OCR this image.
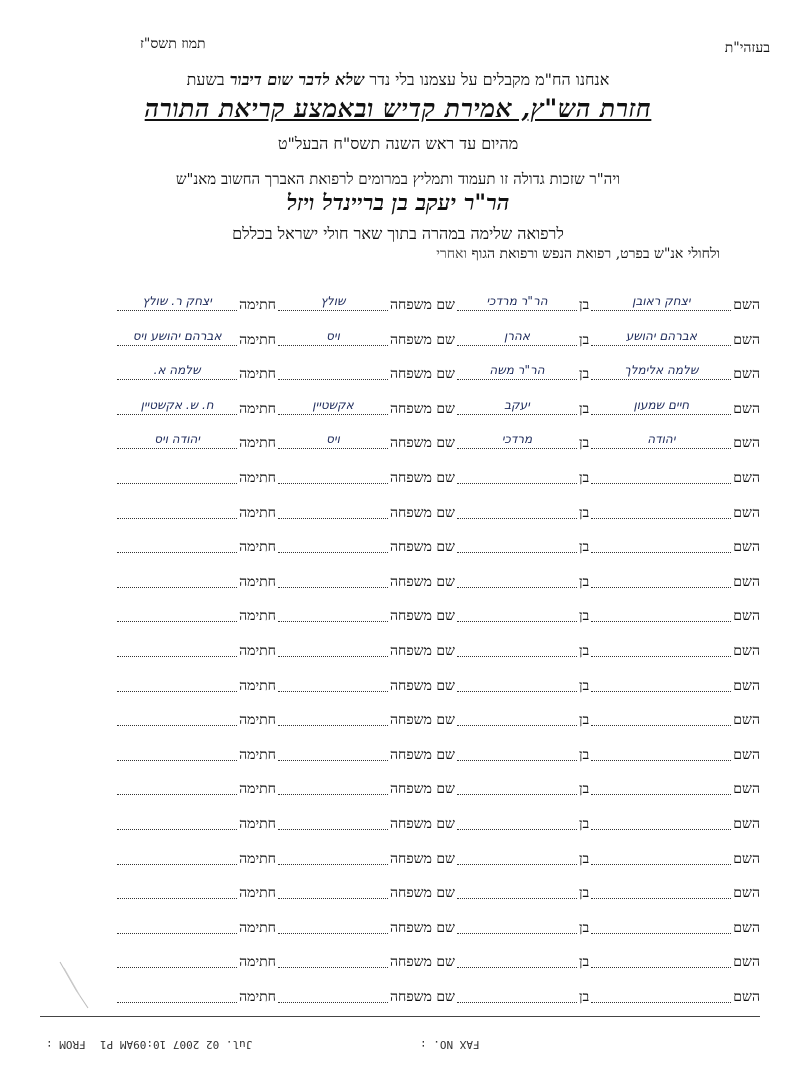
תמוז תשס"ז	בעזהי"ת
אנחנו הח"מ מקבלים על עצמנו בלי נדר שלא לדבר שום דיבור בשעת
חזרת הש"ץ, אמירת קדיש ובאמצע קריאת התורה
מהיום עד ראש השנה תשס"ח הבעל"ט
ויה"ר שזכות גדולה זו תעמוד ותמליץ במרומים לרפואת האברך החשוב מאנ"ש
הר"ר יעקב בן בריינדל ויזל
לרפואה שלימה במהרה בתוך שאר חולי ישראל בכללם
ולחולי אנ"ש בפרט, רפואת הנפש ורפואת הגוף ואחרי
השם
יצחק ראובן
בן
הר"ר מרדכי
שם משפחה
שולץ
חתימה
יצחק ר. שולץ
השם
אברהם יהושע
בן
אהרן
שם משפחה
ויס
חתימה
אברהם יהושע ויס
השם
שלמה אלימלך
בן
הר"ר משה
שם משפחה
חתימה
שלמה א.
השם
חיים שמעון
בן
יעקב
שם משפחה
אקשטיין
חתימה
ח. ש. אקשטיין
השם
יהודה
בן
מרדכי
שם משפחה
ויס
חתימה
יהודה ויס
השם
בן
שם משפחה
חתימה
השם
בן
שם משפחה
חתימה
השם
בן
שם משפחה
חתימה
השם
בן
שם משפחה
חתימה
השם
בן
שם משפחה
חתימה
השם
בן
שם משפחה
חתימה
השם
בן
שם משפחה
חתימה
השם
בן
שם משפחה
חתימה
השם
בן
שם משפחה
חתימה
השם
בן
שם משפחה
חתימה
השם
בן
שם משפחה
חתימה
השם
בן
שם משפחה
חתימה
השם
בן
שם משפחה
חתימה
השם
בן
שם משפחה
חתימה
השם
בן
שם משפחה
חתימה
השם
בן
שם משפחה
חתימה
FROM :	FAX NO. :
Jul. 02 2007 10:09AM P1
